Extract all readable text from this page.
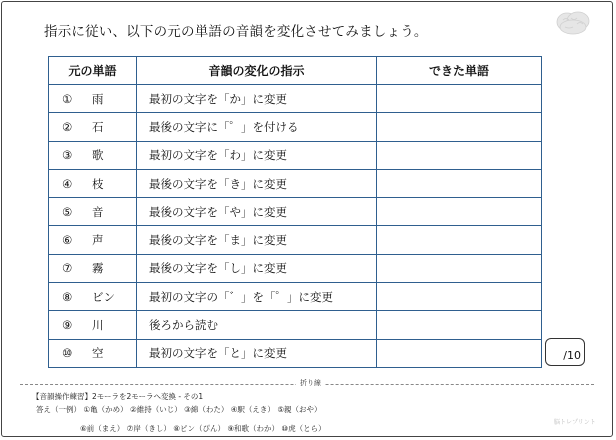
指示に従い、以下の元の単語の音韻を変化させてみましょう。
元の単語	音韻の変化の指示	できた単語
① 雨	最初の文字を「か」に変更	
② 石	最後の文字に「゜」を付ける	
③ 歌	最初の文字を「わ」に変更	
④ 枝	最後の文字を「き」に変更	
⑤ 音	最後の文字を「や」に変更	
⑥ 声	最後の文字を「ま」に変更	
⑦ 霧	最後の文字を「し」に変更	
⑧ ビン	最初の文字の「゛」を「゜」に変更	
⑨ 川	後ろから読む	
⑩ 空	最初の文字を「と」に変更		/10
折り線
【音韻操作練習】2モーラを2モーラへ変換 - その1
答え（一例） ①亀（かめ） ②維持（いじ） ③綿（わた） ④駅（えき） ⑤親（おや）
⑥前（まえ） ⑦岸（きし） ⑧ピン（ぴん） ⑨和歌（わか） ⑩虎（とら）
脳トレプリント
